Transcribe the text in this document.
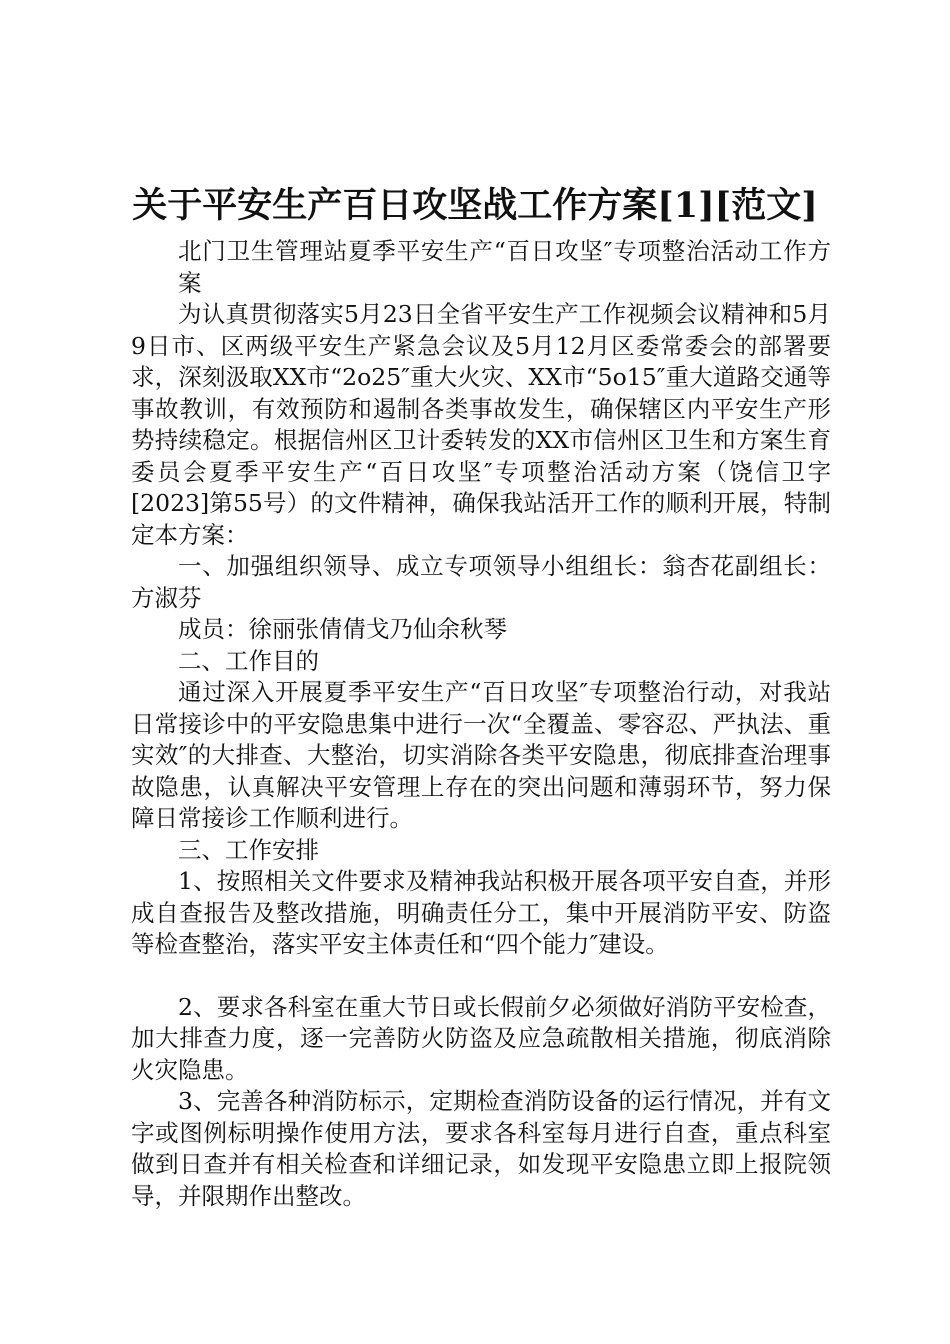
关于平安生产百日攻坚战工作方案[1][范文]

北门卫生管理站夏季平安生产“百日攻坚″专项整治活动工作方案

为认真贯彻落实5月23日全省平安生产工作视频会议精神和5月9日市、区两级平安生产紧急会议及5月12月区委常委会的部署要求，深刻汲取XX市“2o25″重大火灾、XX市“5o15″重大道路交通等事故教训，有效预防和遏制各类事故发生，确保辖区内平安生产形势持续稳定。根据信州区卫计委转发的XX市信州区卫生和方案生育委员会夏季平安生产“百日攻坚″专项整治活动方案（饶信卫字[2023]第55号）的文件精神，确保我站活开工作的顺利开展，特制定本方案：

一、加强组织领导、成立专项领导小组组长：翁杏花副组长：方淑芬

成员：徐丽张倩倩戈乃仙余秋琴

二、工作目的

通过深入开展夏季平安生产“百日攻坚″专项整治行动，对我站日常接诊中的平安隐患集中进行一次“全覆盖、零容忍、严执法、重实效″的大排查、大整治，切实消除各类平安隐患，彻底排查治理事故隐患，认真解决平安管理上存在的突出问题和薄弱环节，努力保障日常接诊工作顺利进行。

三、工作安排

1、按照相关文件要求及精神我站积极开展各项平安自查，并形成自查报告及整改措施，明确责任分工，集中开展消防平安、防盗等检查整治，落实平安主体责任和“四个能力″建设。

2、要求各科室在重大节日或长假前夕必须做好消防平安检查，加大排查力度，逐一完善防火防盗及应急疏散相关措施，彻底消除火灾隐患。

3、完善各种消防标示，定期检查消防设备的运行情况，并有文字或图例标明操作使用方法，要求各科室每月进行自查，重点科室做到日查并有相关检查和详细记录，如发现平安隐患立即上报院领导，并限期作出整改。
